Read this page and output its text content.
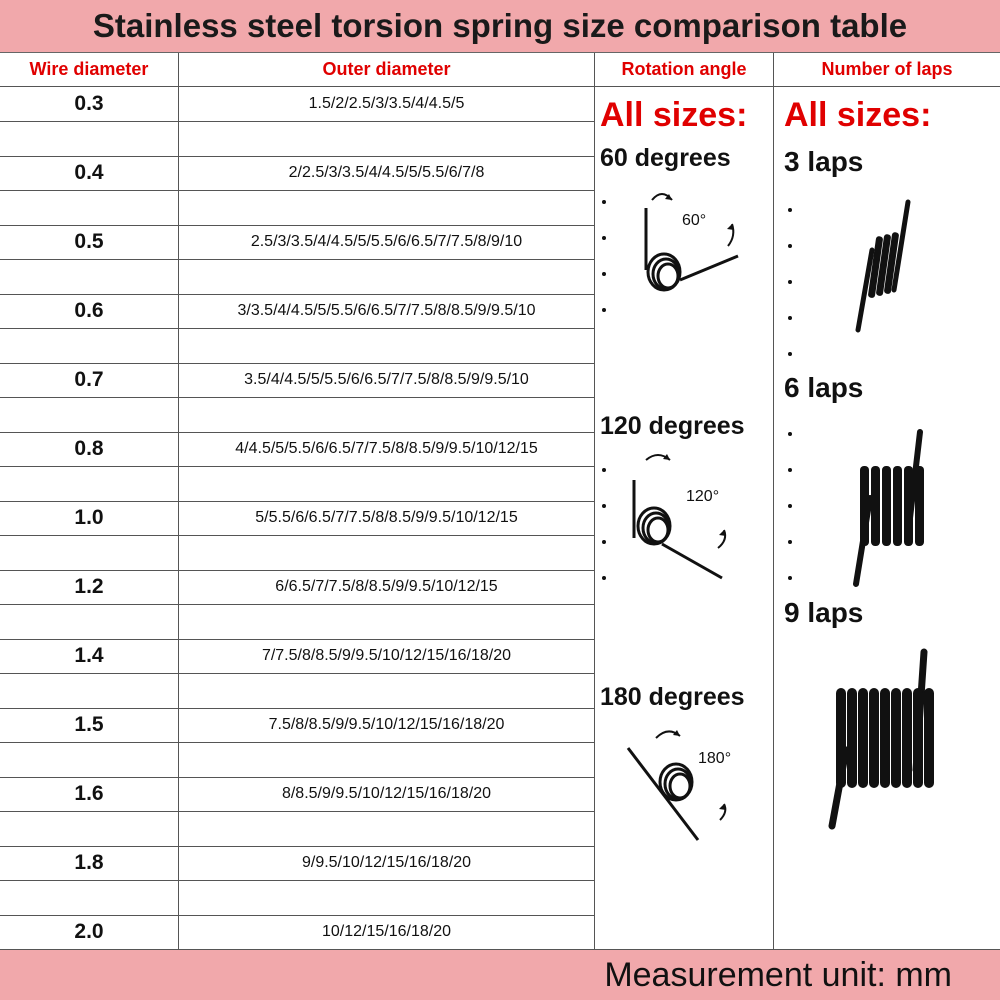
Stainless steel torsion spring size comparison table
Wire diameter	Outer diameter	Rotation angle	Number of laps
0.3	1.5/2/2.5/3/3.5/4/4.5/5
0.4	2/2.5/3/3.5/4/4.5/5/5.5/6/7/8
0.5	2.5/3/3.5/4/4.5/5/5.5/6/6.5/7/7.5/8/9/10
0.6	3/3.5/4/4.5/5/5.5/6/6.5/7/7.5/8/8.5/9/9.5/10
0.7	3.5/4/4.5/5/5.5/6/6.5/7/7.5/8/8.5/9/9.5/10
0.8	4/4.5/5/5.5/6/6.5/7/7.5/8/8.5/9/9.5/10/12/15
1.0	5/5.5/6/6.5/7/7.5/8/8.5/9/9.5/10/12/15
1.2	6/6.5/7/7.5/8/8.5/9/9.5/10/12/15
1.4	7/7.5/8/8.5/9/9.5/10/12/15/16/18/20
1.5	7.5/8/8.5/9/9.5/10/12/15/16/18/20
1.6	8/8.5/9/9.5/10/12/15/16/18/20
1.8	9/9.5/10/12/15/16/18/20
2.0	10/12/15/16/18/20
All sizes:
60 degrees
120 degrees
180 degrees
60°
120°
180°
All sizes:
3 laps
6 laps
9 laps
Measurement unit: mm
